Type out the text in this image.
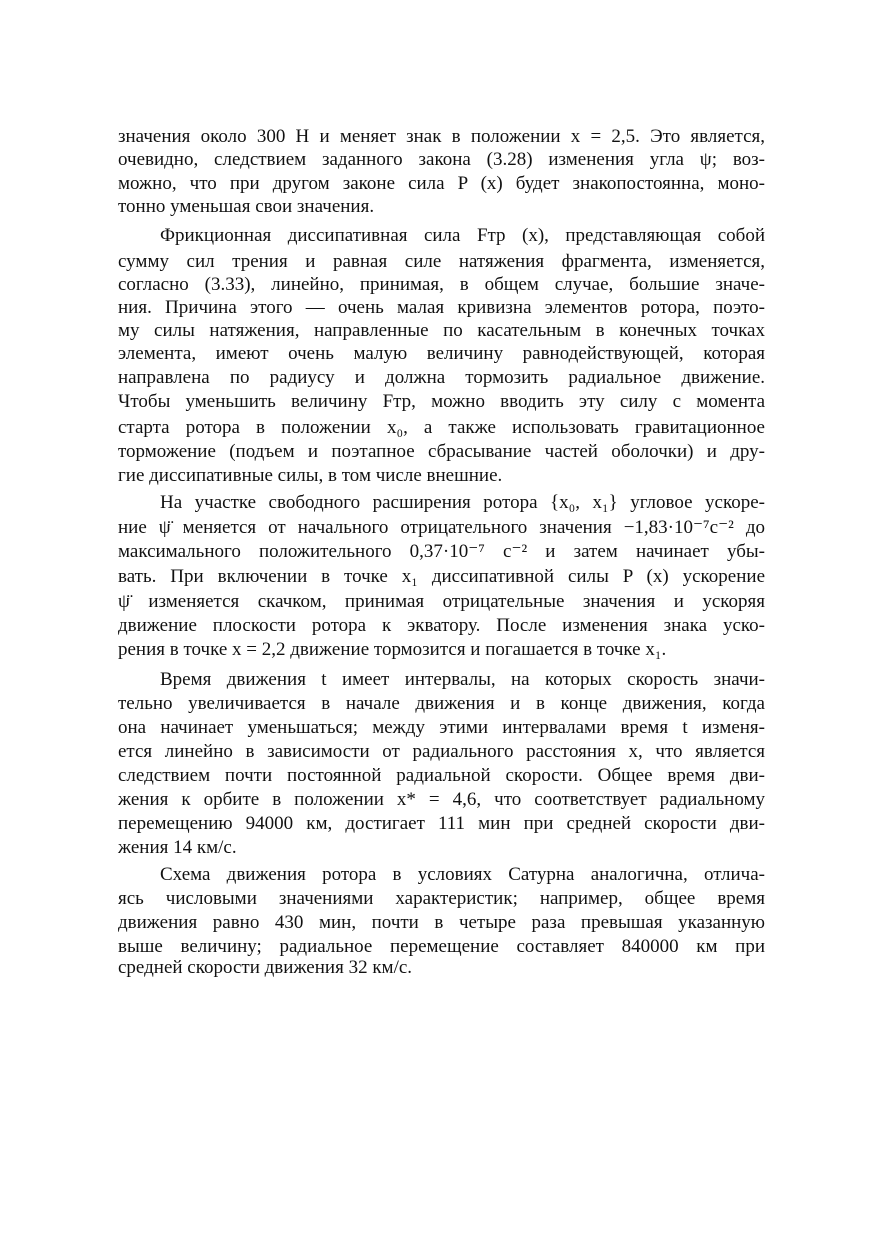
значения около 300 Н и меняет знак в положении x = 2,5. Это является,
очевидно, следствием заданного закона (3.28) изменения угла ψ; воз-
можно, что при другом законе сила P (x) будет знакопостоянна, моно-
тонно уменьшая свои значения.
Фрикционная диссипативная сила Fтр (x), представляющая собой
сумму сил трения и равная силе натяжения фрагмента, изменяется,
согласно (3.33), линейно, принимая, в общем случае, большие значе-
ния. Причина этого — очень малая кривизна элементов ротора, поэто-
му силы натяжения, направленные по касательным в конечных точках
элемента, имеют очень малую величину равнодействующей, которая
направлена по радиусу и должна тормозить радиальное движение.
Чтобы уменьшить величину Fтр, можно вводить эту силу с момента
старта ротора в положении x₀, а также использовать гравитационное
торможение (подъем и поэтапное сбрасывание частей оболочки) и дру-
гие диссипативные силы, в том числе внешние.
На участке свободного расширения ротора {x₀, x₁} угловое ускоре-
ние ψ̈ меняется от начального отрицательного значения −1,83·10⁻⁷с⁻² до
максимального положительного 0,37·10⁻⁷ с⁻² и затем начинает убы-
вать. При включении в точке x₁ диссипативной силы P (x) ускорение
ψ̈ изменяется скачком, принимая отрицательные значения и ускоряя
движение плоскости ротора к экватору. После изменения знака уско-
рения в точке x = 2,2 движение тормозится и погашается в точке x₁.
Время движения t имеет интервалы, на которых скорость значи-
тельно увеличивается в начале движения и в конце движения, когда
она начинает уменьшаться; между этими интервалами время t изменя-
ется линейно в зависимости от радиального расстояния x, что является
следствием почти постоянной радиальной скорости. Общее время дви-
жения к орбите в положении x* = 4,6, что соответствует радиальному
перемещению 94000 км, достигает 111 мин при средней скорости дви-
жения 14 км/с.
Схема движения ротора в условиях Сатурна аналогична, отлича-
ясь числовыми значениями характеристик; например, общее время
движения равно 430 мин, почти в четыре раза превышая указанную
выше величину; радиальное перемещение составляет 840000 км при
средней скорости движения 32 км/с.
